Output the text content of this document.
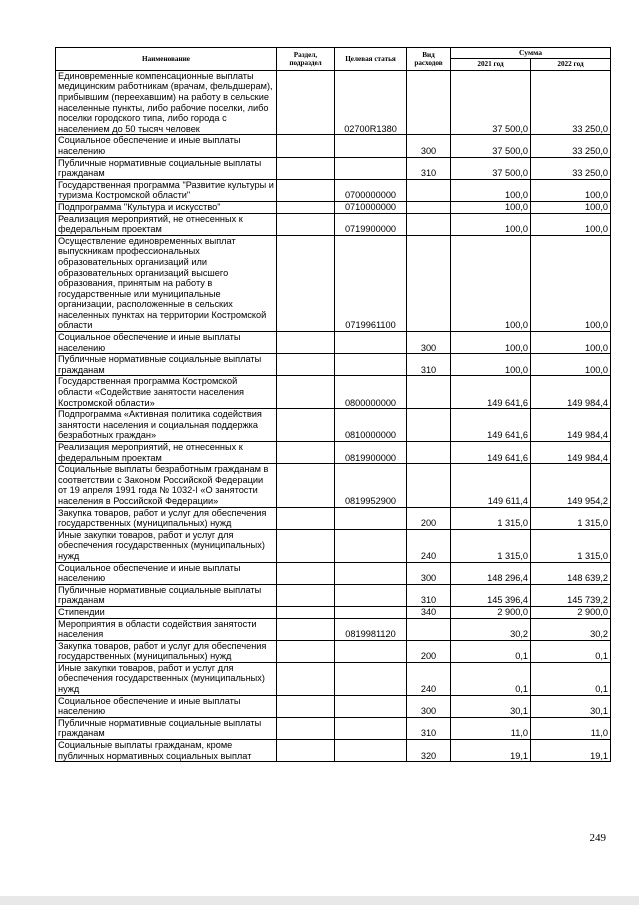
Наименование	Раздел, подраздел	Целевая статья	Вид расходов	Сумма	
				2021 год	2022 год
Единовременные компенсационные выплаты медицинским работникам (врачам, фельдшерам), прибывшим (переехавшим) на работу в сельские населенные пункты, либо рабочие поселки, либо поселки городского типа, либо города с населением до 50 тысяч человек		02700R1380		37 500,0	33 250,0
Социальное обеспечение и иные выплаты населению			300	37 500,0	33 250,0
Публичные нормативные социальные выплаты гражданам			310	37 500,0	33 250,0
Государственная программа "Развитие культуры и туризма Костромской области"		0700000000		100,0	100,0
Подпрограмма "Культура и искусство"		0710000000		100,0	100,0
Реализация мероприятий, не отнесенных к федеральным проектам		0719900000		100,0	100,0
Осуществление единовременных выплат выпускникам профессиональных образовательных организаций или образовательных организаций высшего образования, принятым на работу в государственные или муниципальные организации, расположенные в сельских населенных пунктах на территории Костромской области		0719961100		100,0	100,0
Социальное обеспечение и иные выплаты населению			300	100,0	100,0
Публичные нормативные социальные выплаты гражданам			310	100,0	100,0
Государственная программа Костромской области «Содействие занятости населения Костромской области»		0800000000		149 641,6	149 984,4
Подпрограмма «Активная политика содействия занятости населения и социальная поддержка безработных граждан»		0810000000		149 641,6	149 984,4
Реализация мероприятий, не отнесенных к федеральным проектам		0819900000		149 641,6	149 984,4
Социальные выплаты безработным гражданам в соответствии с Законом Российской Федерации от 19 апреля 1991 года № 1032-I «О занятости населения в Российской Федерации»		0819952900		149 611,4	149 954,2
Закупка товаров, работ и услуг для обеспечения государственных (муниципальных) нужд			200	1 315,0	1 315,0
Иные закупки товаров, работ и услуг для обеспечения государственных (муниципальных) нужд			240	1 315,0	1 315,0
Социальное обеспечение и иные выплаты населению			300	148 296,4	148 639,2
Публичные нормативные социальные выплаты гражданам			310	145 396,4	145 739,2
Стипендии			340	2 900,0	2 900,0
Мероприятия в области содействия занятости населения		0819981120		30,2	30,2
Закупка товаров, работ и услуг для обеспечения государственных (муниципальных) нужд			200	0,1	0,1
Иные закупки товаров, работ и услуг для обеспечения государственных (муниципальных) нужд			240	0,1	0,1
Социальное обеспечение и иные выплаты населению			300	30,1	30,1
Публичные нормативные социальные выплаты гражданам			310	11,0	11,0
Социальные выплаты гражданам, кроме публичных нормативных социальных выплат			320	19,1	19,1
249
